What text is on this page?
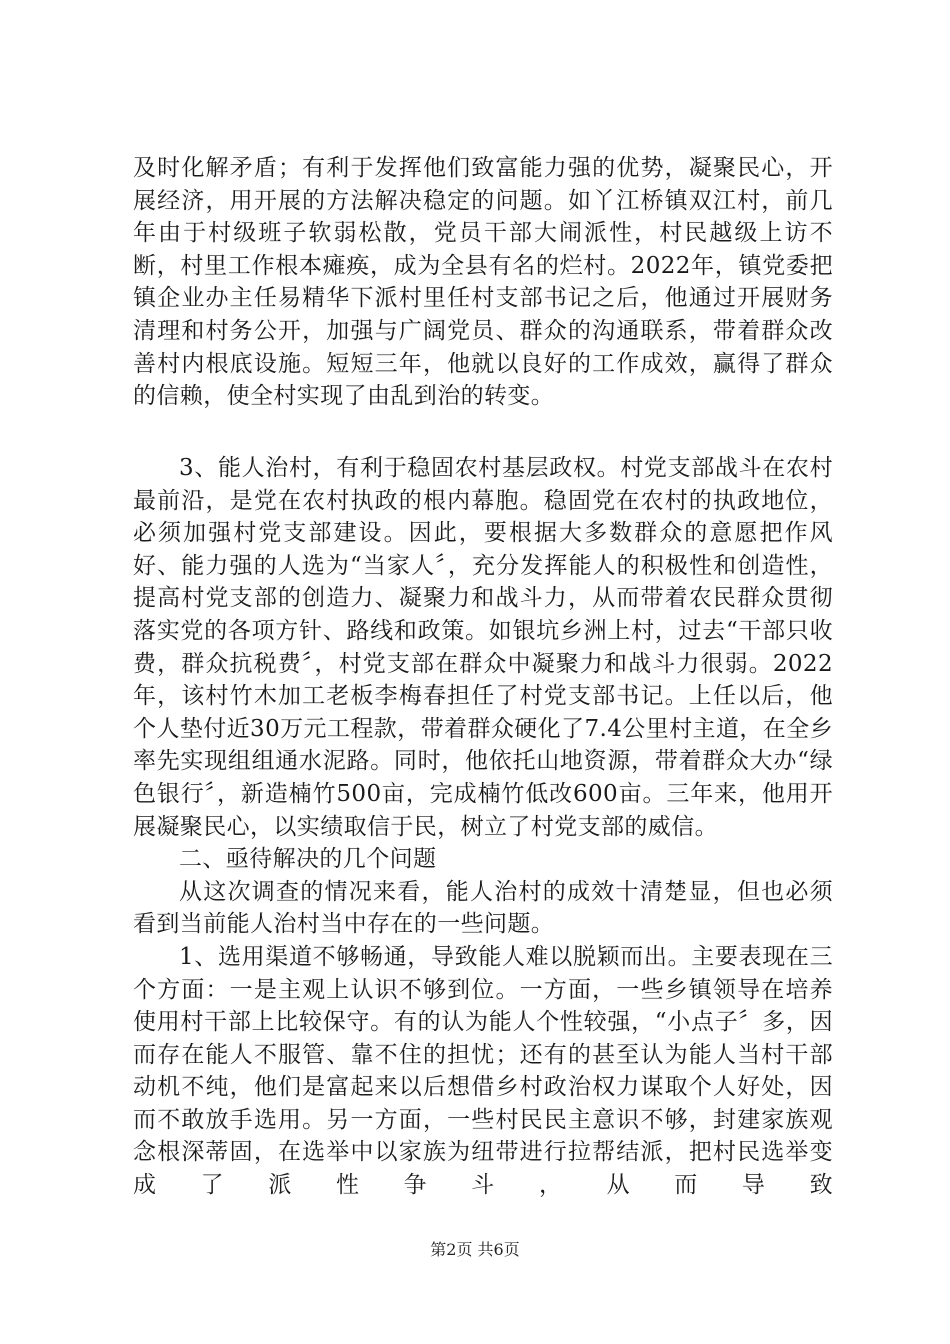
及时化解矛盾；有利于发挥他们致富能力强的优势，凝聚民心，开展经济，用开展的方法解决稳定的问题。如丫江桥镇双江村，前几年由于村级班子软弱松散，党员干部大闹派性，村民越级上访不断，村里工作根本瘫痪，成为全县有名的烂村。2022年，镇党委把镇企业办主任易精华下派村里任村支部书记之后，他通过开展财务清理和村务公开，加强与广阔党员、群众的沟通联系，带着群众改善村内根底设施。短短三年，他就以良好的工作成效，赢得了群众的信赖，使全村实现了由乱到治的转变。

3、能人治村，有利于稳固农村基层政权。村党支部战斗在农村最前沿，是党在农村执政的根内幕胞。稳固党在农村的执政地位，必须加强村党支部建设。因此，要根据大多数群众的意愿把作风好、能力强的人选为“当家人〞，充分发挥能人的积极性和创造性，提高村党支部的创造力、凝聚力和战斗力，从而带着农民群众贯彻落实党的各项方针、路线和政策。如银坑乡洲上村，过去“干部只收费，群众抗税费〞，村党支部在群众中凝聚力和战斗力很弱。2022年，该村竹木加工老板李梅春担任了村党支部书记。上任以后，他个人垫付近30万元工程款，带着群众硬化了7.4公里村主道，在全乡率先实现组组通水泥路。同时，他依托山地资源，带着群众大办“绿色银行〞，新造楠竹500亩，完成楠竹低改600亩。三年来，他用开展凝聚民心，以实绩取信于民，树立了村党支部的威信。

二、亟待解决的几个问题

从这次调查的情况来看，能人治村的成效十清楚显，但也必须看到当前能人治村当中存在的一些问题。

1、选用渠道不够畅通，导致能人难以脱颖而出。主要表现在三个方面：一是主观上认识不够到位。一方面，一些乡镇领导在培养使用村干部上比较保守。有的认为能人个性较强，“小点子〞多，因而存在能人不服管、靠不住的担忧；还有的甚至认为能人当村干部动机不纯，他们是富起来以后想借乡村政治权力谋取个人好处，因而不敢放手选用。另一方面，一些村民民主意识不够，封建家族观念根深蒂固，在选举中以家族为纽带进行拉帮结派，把村民选举变成了派性争斗，从而导致

第2页 共6页
